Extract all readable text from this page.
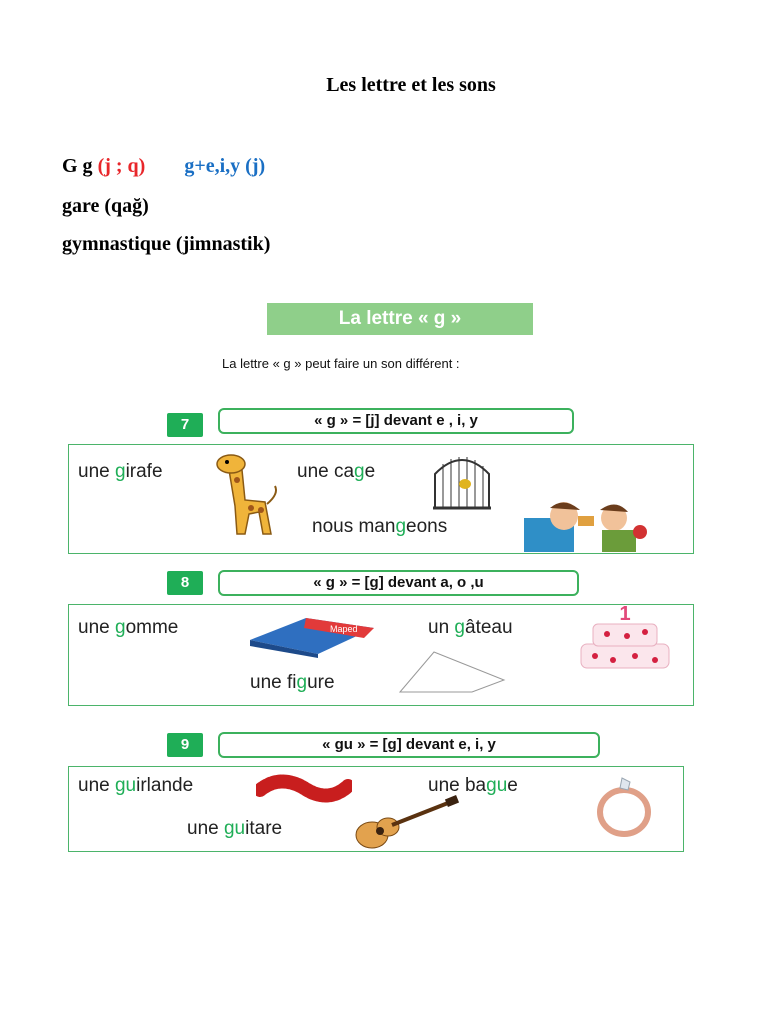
Les lettre et les sons
G g (j ; q) g+e,i,y (j)
gare (qağ)
gymnastique (jimnastik)
La lettre « g »
La lettre « g » peut faire un son différent :
7	« g » = [j] devant e , i, y
une girafe	une cage
nous mangeons
8	« g » = [g] devant a, o ,u
une gomme	un gâteau
une figure
Maped
1
9	« gu » = [g] devant e, i, y
une guirlande	une bague
une guitare
